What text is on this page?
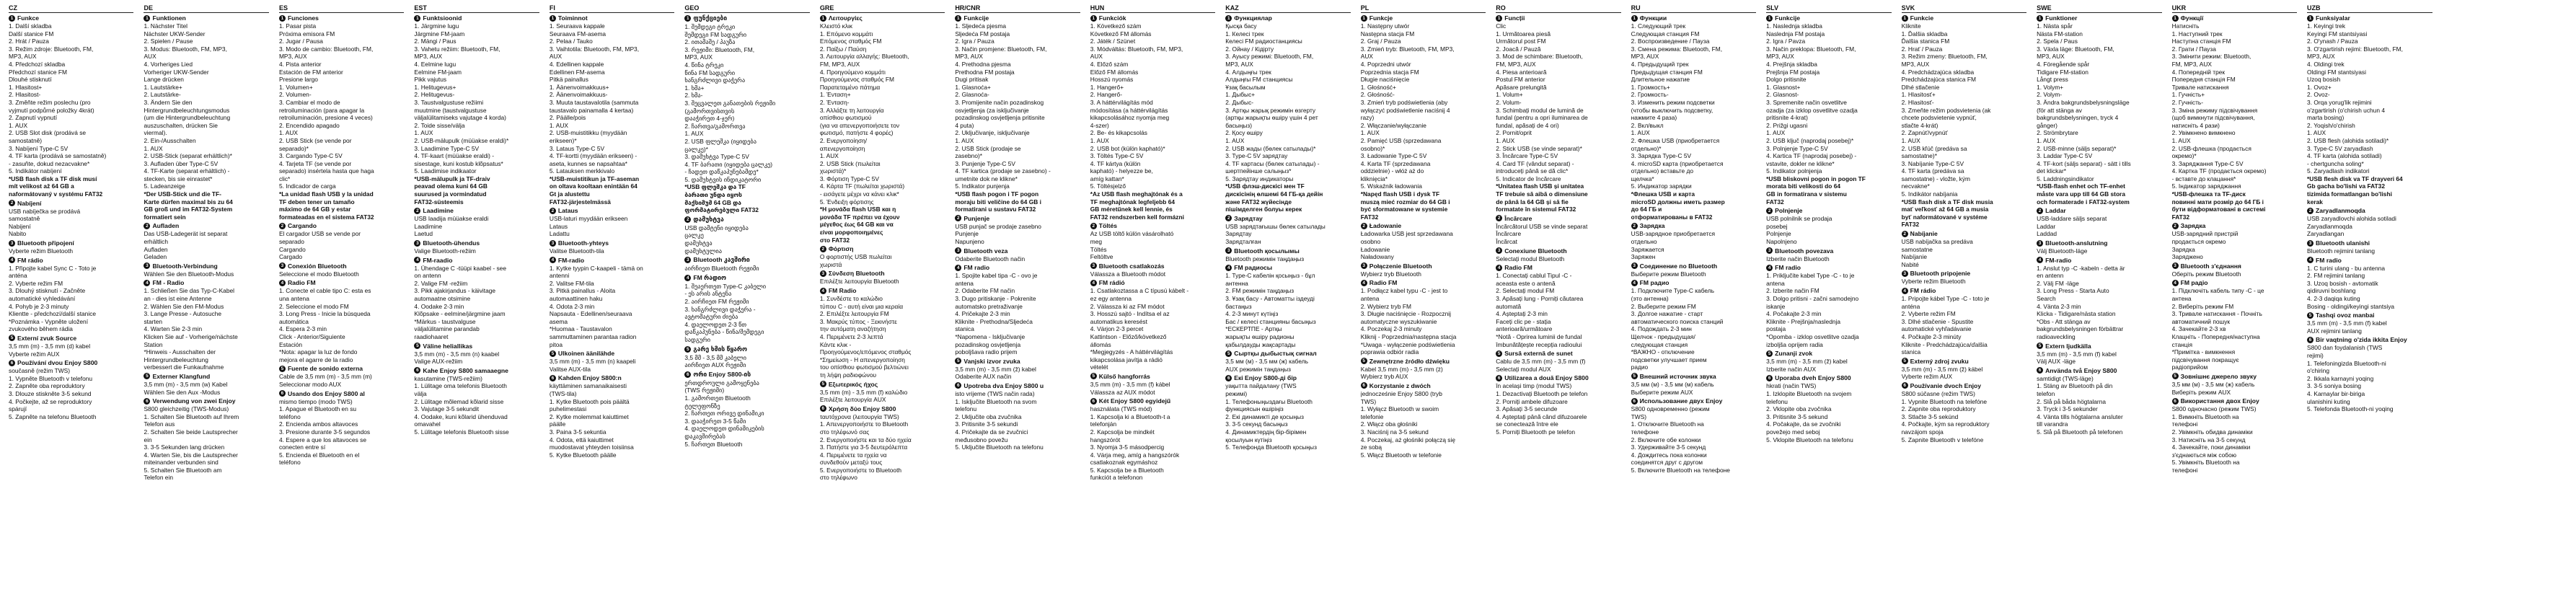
CZ
1 Funkce
1. Další skladba
Další stanice FM
2. Hrát / Pauza
3. Režim zdroje: Bluetooth, FM,
MP3, AUX
4. Předchozí skladba
Předchozí stanice FM
Dlouhé stisknutí
1. Hlasitost+
2. Hlasitost-
3. Změňte režim poslechu (pro
vyjmutí podpůrné položky 4krát)
2. Zapnutí vypnutí
1. AUX
2. USB Slot disk (prodává se
samostatně)
3. Nabíjení Type-C 5V
4. TF karta (prodává se samostatně)
- zasuňte, dokud nezacvakne*
5. Indikátor nabíjení
*USB flash disk a TF disk musí
mít velikost až 64 GB a
naformátovaný v systému FAT32
2 Nabíjení
USB nabíječka se prodává
samostatně
Nabijení
Nabito
3 Bluetooth připojení
Vyberte režim Bluetooth
4 FM rádio
1. Připojte kabel Sync C - Toto je
anténa
2. Vyberte režim FM
3. Dlouhý stisknutí - Začněte
automatické vyhledávání
4. Pohyb je 2-3 minuty
Klientte - předchozí/další stanice
*Poznámka - Vypněte uložení
zvukového během rádia
5 Externí zvuk Source
3,5 mm (m) - 3,5 mm (d) kabel
Vyberte režim AUX
6 Používání dvou Enjoy S800
současně (režim TWS)
1. Vypněte Bluetooth v telefonu
2. Zapněte oba reproduktory
3. Dlouze stiskněte 3-5 sekund
4. Počkejte, až se reproduktory
spárují
5. Zapněte na telefonu Bluetooth
DE
1 Funktionen
1. Nächster Titel
Nächster UKW-Sender
2. Spielen / Pause
3. Modus: Bluetooth, FM, MP3,
AUX
4. Vorheriges Lied
Vorheriger UKW-Sender
Lange drücken
1. Lautstärke+
2. Lautstärke-
3. Ändern Sie den
Hintergrundbeleuchtungsmodus
(um die Hintergrundbeleuchtung
auszuschalten, drücken Sie
viermal).
2. Ein-/Ausschalten
1. AUX
2. USB-Stick (separat erhältlich)*
3. Aufladen über Type-C 5V
4. TF-Karte (separat erhältlich) -
stecken, bis sie einrastet*
5. Ladeanzeige
*Der USB-Stick und die TF-
Karte dürfen maximal bis zu 64
GB groß und im FAT32-System
formatiert sein
2 Aufladen
Das USB-Ladegerät ist separat
erhältlich
Aufladen
Geladen
3 Bluetooth-Verbindung
Wählen Sie den Bluetooth-Modus
4 FM - Radio
1. Schließen Sie das Typ-C-Kabel
an - dies ist eine Antenne
2. Wählen Sie den FM-Modus
3. Lange Presse - Autosuche
starten
4. Warten Sie 2-3 min
Klicken Sie auf - Vorherige/nächste
Station
*Hinweis - Ausschalten der
Hintergrundbeleuchtung
verbessert die Funkaufnahme
5 Externer Klangfund
3,5 mm (m) - 3,5 mm (w) Kabel
Wählen Sie den Aux -Modus
6 Verwendung von zwei Enjoy
S800 gleichzeitig (TWS-Modus)
1. Schalten Sie Bluetooth auf Ihrem
Telefon aus
2. Schalten Sie beide Lautsprecher
ein
3. 3-5 Sekunden lang drücken
4. Warten Sie, bis die Lautsprecher
miteinander verbunden sind
5. Schalten Sie Bluetooth am
Telefon ein
ES
1 Funciones
1. Pasar pista
Próxima emisora FM
2. Jugar / Pausa
3. Modo de cambio: Bluetooth, FM,
MP3, AUX
4. Pista anterior
Estación de FM anterior
Presione largo
1. Volumen+
2. Volumen-
3. Cambiar el modo de
retroiluminación (para apagar la
retroiluminación, presione 4 veces)
2. Encendido apagado
1. AUX
2. USB Stick (se vende por
separado)*
3. Cargando Type-C 5V
4. Tarjeta TF (se vende por
separado) insértela hasta que haga
clic*
5. Indicador de carga
*La unidad flash USB y la unidad
TF deben tener un tamaño
máximo de 64 GB y estar
formateadas en el sistema FAT32
2 Cargando
El cargador USB se vende por
separado
Cargando
Cargado
3 Conexión Bluetooth
Seleccione el modo Bluetooth
4 Radio FM
1. Conecte el cable tipo C: esta es
una antena
2. Seleccione el modo FM
3. Long Press - Inicie la búsqueda
automática
4. Espera 2-3 min
Click - Anterior/Siguiente
Estación
*Nota: apagar la luz de fondo
mejora el agarre de la radio
5 Fuente de sonido externa
Cable de 3,5 mm (m) - 3,5 mm (m)
Seleccionar modo AUX
6 Usando dos Enjoy S800 al
mismo tiempo (modo TWS)
1. Apague el Bluetooth en su
teléfono
2. Encienda ambos altavoces
3. Presione durante 3-5 segundos
4. Espere a que los altavoces se
conecten entre sí
5. Encienda el Bluetooth en el
teléfono
EST
1 Funktsioonid
1. Järgmine lugu
Järgmine FM-jaam
2. Mängi / Paus
3. Vahetu režiim: Bluetooth, FM,
MP3, AUX
4. Eelmine lugu
Eelmine FM-jaam
Pikk vajutus
1. Helitugevus+
2. Helitugevus-
3. Taustvalgustuse režiimi
muutmine (taustvalgustuse
väljalülitamiseks vajutage 4 korda)
2. Toide sisse/välja
1. AUX
2. USB-mälupulk (müüakse eraldi)*
3. Laadimine Type-C 5V
4. TF-kaart (müüakse eraldi) -
sisestage, kuni kostub klõpsatus*
5. Laadimise indikaator
*USB-mälupulk ja TF-draiv
peavad olema kuni 64 GB
suurused ja vormindatud
FAT32-süsteemis
2 Laadimine
USB laadija müüakse eraldi
Laadimine
Laetud
3 Bluetooth-ühendus
Valige Bluetooth-režiim
4 FM-raadio
1. Ühendage C -tüüpi kaabel - see
on antenn
2. Valige FM -režiim
3. Pikk ajakirjandus - käivitage
automaatne otsimine
4. Oodake 2-3 min
Klõpsake - eelmine/järgmine jaam
*Märkus - taustvalguse
väljalülitamine parandab
raadiohaaret
5 Väline heliallikas
3,5 mm (m) - 3,5 mm (n) kaabel
Valige AUX-režiim
6 Kahe Enjoy S800 samaaegne
kasutamine (TWS-režiim)
1. Lülitage oma telefonis Bluetooth
välja
2. Lülitage mõlemad kõlarid sisse
3. Vajutage 3-5 sekundit
4. Oodake, kuni kõlarid ühenduvad
omavahel
5. Lülitage telefonis Bluetooth sisse
FI
1 Toiminnot
1. Seuraava kappale
Seuraava FM-asema
2. Pelaa / Tauko
3. Vaihtotila: Bluetooth, FM, MP3,
AUX
4. Edellinen kappale
Edellinen FM-asema
Pitkä painallus
1. Äänenvoimakkuus+
2. Äänenvoimakkuus-
3. Muuta taustavalotila (sammuta
taustavalo painamalla 4 kertaa)
2. Päälle/pois
1. AUX
2. USB-muistitikku (myydään
erikseen)*
3. Lataus Type-C 5V
4. TF-kortti (myydään erikseen) -
aseta, kunnes se napsahtaa*
5. Latauksen merkkivalo
*USB-muistitikun ja TF-aseman
on oltava kooltaan enintään 64
Gt ja alustettu
FAT32-järjestelmässä
2 Lataus
USB-laturi myydään erikseen
Lataus
Ladattu
3 Bluetooth-yhteys
Valitse Bluetooth-tila
4 FM-radio
1. Kytke tyypin C-kaapeli - tämä on
antenni
2. Valitse FM-tila
3. Pitkä painallus - Aloita
automaattinen haku
4. Odota 2-3 min
Napsauta - Edellinen/seuraava
asema
*Huomaa - Taustavalon
sammuttaminen parantaa radion
pitoa
5 Ulkoinen äänilähde
3,5 mm (m) - 3,5 mm (n) kaapeli
Valitse AUX-tila
6 Kahden Enjoy S800:n
käyttäminen samanaikaisesti
(TWS-tila)
1. Kytke Bluetooth pois päältä
puhelimestasi
2. Kytke molemmat kaiuttimet
päälle
3. Paina 3-5 sekuntia
4. Odota, että kaiuttimet
muodostavat yhteyden toisiinsa
5. Kytke Bluetooth päälle
GEO
1 ფუნქციები
1. შემდეგი ტრეკი
შემდეგი FM სადგური
2. ითამაშე / პაუზა
3. რეჟიმი: Bluetooth, FM,
MP3, AUX
4. წინა ტრეკი
წინა FM სადგური
ხანგრძლივი დაჭერა
1. ხმა+
2. ხმა-
3. შეცვალეთ განათების რეჟიმი
(გამორთვისთვის
დააჭირეთ 4-ჯერ)
2. ჩართვა/გამორთვა
1. AUX
2. USB ფლეშკა (იყიდება
ცალკე)*
3. დამუხტვა Type-C 5V
4. TF ბარათი (იყიდება ცალკე)
- ჩადეთ დაწკაპუნებამდე*
5. დამუხტვის ინდიკატორი
*USB ფლეშკა და TF
ბარათი უნდა იყოს
მაქსიმუმ 64 GB და
ფორმატირებული FAT32
2 დამუხტვა
USB დამტენი იყიდება
ცალკე
დამუხტვა
დამუხტულია
3 Bluetooth კავშირი
აირჩიეთ Bluetooth რეჟიმი
4 FM რადიო
1. შეაერთეთ Type-C კაბელი
- ეს არის ანტენა
2. აირჩიეთ FM რეჟიმი
3. ხანგრძლივი დაჭერა -
ავტომატური ძიება
4. დაელოდეთ 2-3 წთ
დაწკაპუნება - წინა/შემდეგი
სადგური
5 გარე ხმის წყარო
3,5 მმ - 3,5 მმ კაბელი
აირჩიეთ AUX რეჟიმი
6 ორი Enjoy S800-ის
ერთდროული გამოყენება
(TWS რეჟიმი)
1. გამორთეთ Bluetooth
ტელეფონზე
2. ჩართეთ ორივე დინამიკი
3. დააჭირეთ 3-5 წამი
4. დაელოდეთ დინამიკების
დაკავშირებას
5. ჩართეთ Bluetooth
GRE
1 Λειτουργίες
Κλειστό κλικ
1. Επόμενο κομμάτι
Επόμενος σταθμός FM
2. Παίξω / Παύση
3. Λειτουργία αλλαγής: Bluetooth,
FM, MP3, AUX
4. Προηγούμενο κομμάτι
Προηγούμενος σταθμός FM
Παρατεταμένο πάτημα
1. Ένταση+
2. Ένταση-
3. Αλλάξτε τη λειτουργία
οπίσθιου φωτισμού
(για να απενεργοποιήσετε τον
φωτισμό, πατήστε 4 φορές)
2. Ενεργοποίηση/
απενεργοποίηση
1. AUX
2. USB Stick (πωλείται
χωριστά)*
3. Φόρτιση Type-C 5V
4. Κάρτα TF (πωλείται χωριστά)
- εισάγετε μέχρι να κάνει κλικ*
5. Ένδειξη φόρτισης
*Η μονάδα flash USB και η
μονάδα TF πρέπει να έχουν
μέγεθος έως 64 GB και να
είναι μορφοποιημένες
στο FAT32
2 Φόρτιση
Ο φορτιστής USB πωλείται
χωριστά
3 Σύνδεση Bluetooth
Επιλέξτε λειτουργία Bluetooth
4 FM Radio
1. Συνδέστε το καλώδιο
τύπου C - αυτή είναι μια κεραία
2. Επιλέξτε λειτουργία FM
3. Μακρύς τύπος - Ξεκινήστε
την αυτόματη αναζήτηση
4. Περιμένετε 2-3 λεπτά
Κάντε κλικ -
Προηγούμενος/επόμενος σταθμός
*Σημείωση - Η απενεργοποίηση
του οπίσθιου φωτισμού βελτιώνει
τη λήψη ραδιοφώνου
5 Εξωτερικός ήχος
3,5 mm (m) - 3,5 mm (f) καλώδιο
Επιλέξτε λειτουργία AUX
6 Χρήση δύο Enjoy S800
ταυτόχρονα (λειτουργία TWS)
1. Απενεργοποιήστε το Bluetooth
στο τηλέφωνό σας
2. Ενεργοποιήστε και τα δύο ηχεία
3. Πατήστε για 3-5 δευτερόλεπτα
4. Περιμένετε τα ηχεία να
συνδεθούν μεταξύ τους
5. Ενεργοποιήστε το Bluetooth
στο τηλέφωνο
HR/CNR
1 Funkcije
1. Sljedeća pjesma
Sljedeća FM postaja
2. Igra / Pauza
3. Način promjene: Bluetooth, FM,
MP3, AUX
4. Prethodna pjesma
Prethodna FM postaja
Dugi pritisak
1. Glasnoća+
2. Glasnoća-
3. Promijenite način pozadinskog
osvjetljenja (za isključivanje
pozadinskog osvjetljenja pritisnite
4 puta)
2. Uključivanje, isključivanje
1. AUX
2. USB Stick (prodaje se
zasebno)*
3. Punjenje Type-C 5V
4. TF kartica (prodaje se zasebno) -
umetnite dok ne klikne*
5. Indikator punjenja
*USB flash pogon i TF pogon
moraju biti veličine do 64 GB i
formatirani u sustavu FAT32
2 Punjenje
USB punjač se prodaje zasebno
Punjenje
Napunjeno
3 Bluetooth veza
Odaberite Bluetooth način
4 FM radio
1. Spojite kabel tipa -C - ovo je
antena
2. Odaberite FM način
3. Dugo pritiskanje - Pokrenite
automatsko pretraživanje
4. Pričekajte 2-3 min
Kliknite - Prethodna/Sljedeća
stanica
*Napomena - Isključivanje
pozadinskog osvjetljenja
poboljšava radio prijem
5 Vanjski izvor zvuka
3,5 mm (m) - 3,5 mm (ž) kabel
Odaberite AUX način
6 Upotreba dva Enjoy S800 u
isto vrijeme (TWS način rada)
1. Isključite Bluetooth na svom
telefonu
2. Uključite oba zvučnika
3. Pritisnite 3-5 sekundi
4. Pričekajte da se zvučnici
međusobno povežu
5. Uključite Bluetooth na telefonu
HUN
1 Funkciók
1. Következő szám
Következő FM állomás
2. Játék / Szünet
3. Módváltás: Bluetooth, FM, MP3,
AUX
4. Előző szám
Előző FM állomás
Hosszú nyomás
1. Hangerő+
2. Hangerő-
3. A háttérvilágítás mód
módosítása (a háttérvilágítás
kikapcsolásához nyomja meg
4-szer)
2. Be- és kikapcsolás
1. AUX
2. USB bot (külön kapható)*
3. Töltés Type-C 5V
4. TF kártya (külön
kapható) - helyezze be,
amíg kattan*
5. Töltésjelző
*Az USB flash meghajtónak és a
TF meghajtónak legfeljebb 64
GB méretűnek kell lennie, és
FAT32 rendszerben kell formázni
2 Töltés
Az USB töltő külön vásárolható
meg
Töltés
Feltöltve
3 Bluetooth csatlakozás
Válassza a Bluetooth módot
4 FM rádió
1. Csatlakoztassa a C típusú kábelt -
ez egy antenna
2. Válassza ki az FM módot
3. Hosszú sajtó - Indítsa el az
automatikus keresést
4. Várjon 2-3 percet
Kattintson - Előző/következő
állomás
*Megjegyzés - A háttérvilágítás
kikapcsolása javítja a rádió
vételét
5 Külső hangforrás
3,5 mm (m) - 3,5 mm (f) kábel
Válassza az AUX módot
6 Két Enjoy S800 egyidejű
használata (TWS mód)
1. Kapcsolja ki a Bluetooth-t a
telefonján
2. Kapcsolja be mindkét
hangszórót
3. Nyomja 3-5 másodpercig
4. Várja meg, amíg a hangszórók
csatlakoznak egymáshoz
5. Kapcsolja be a Bluetooth
funkciót a telefonon
KAZ
1 Функциялар
Қысқа басу
1. Келесі трек
Келесі FM радиостанциясы
2. Ойнау / Кідірту
3. Ауысу режимі: Bluetooth, FM,
MP3, AUX
4. Алдыңғы трек
Алдыңғы FM станциясы
Ұзақ басылым
1. Дыбыс+
2. Дыбыс-
3. Артқы жарық режимін өзгерту
(артқы жарықты өшіру үшін 4 рет
басыңыз)
2. Қосу өшіру
1. AUX
2. USB жады (бөлек сатылады)*
3. Type-C 5V зарядтау
4. TF картасы (бөлек сатылады) -
шертпейінше салыңыз*
5. Зарядтау индикаторы
*USB флэш-дискісі мен TF
дискісінің өлшемі 64 ГБ-қа дейін
және FAT32 жүйесінде
пішімделген болуы керек
2 Зарядтау
USB зарядтағышы бөлек сатылады
Зарядтау
Зарядталған
3 Bluetooth қосылымы
Bluetooth режимін таңдаңыз
4 FM радиосы
1. Type-C кабелін қосыңыз - бұл
антенна
2. FM режимін таңдаңыз
3. Ұзақ басу - Автоматты іздеуді
бастаңыз
4. 2-3 минут күтіңіз
Бас / келесі станцияны басыңыз
*ЕСКЕРТПЕ - Артқы
жарықты өшіру радионы
қабылдауды жақсартады
5 Сыртқы дыбыстық сигнал
3,5 мм (м) - 3,5 мм (ж) кабель
AUX режимін таңдаңыз
6 Екі Enjoy S800-ді бір
уақытта пайдалану (TWS
режимі)
1. Телефоныңыздағы Bluetooth
функциясын өшіріңіз
2. Екі динамикті де қосыңыз
3. 3-5 секунд басыңыз
4. Динамиктердің бір-бірімен
қосылуын күтіңіз
5. Телефонда Bluetooth қосыңыз
PL
1 Funkcje
1. Następny utwór
Następna stacja FM
2. Graj / Pauza
3. Zmień tryb: Bluetooth, FM, MP3,
AUX
4. Poprzedni utwór
Poprzednia stacja FM
Długie naciśnięcie
1. Głośność+
2. Głośność-
3. Zmień tryb podświetlenia (aby
wyłączyć podświetlenie naciśnij 4
razy)
2. Włączanie/wyłączanie
1. AUX
2. Pamięć USB (sprzedawana
osobno)*
3. Ładowanie Type-C 5V
4. Karta TF (sprzedawana
oddzielnie) - włóż aż do
kliknięcia*
5. Wskaźnik ładowania
*Napęd flash USB i dysk TF
muszą mieć rozmiar do 64 GB i
być sformatowane w systemie
FAT32
2 Ładowanie
Ładowarka USB jest sprzedawana
osobno
Ładowanie
Naładowany
3 Połączenie Bluetooth
Wybierz tryb Bluetooth
4 Radio FM
1. Podłącz kabel typu -C - jest to
antena
2. Wybierz tryb FM
3. Długie naciśnięcie - Rozpocznij
automatyczne wyszukiwanie
4. Poczekaj 2-3 minuty
Kliknij - Poprzednia/następna stacja
*Uwaga - wyłączenie podświetlenia
poprawia odbiór radia
5 Zewnętrzne źródło dźwięku
Kabel 3,5 mm (m) - 3,5 mm (ż)
Wybierz tryb AUX
6 Korzystanie z dwóch
jednocześnie Enjoy S800 (tryb
TWS)
1. Wyłącz Bluetooth w swoim
telefonie
2. Włącz oba głośniki
3. Naciśnij na 3-5 sekund
4. Poczekaj, aż głośniki połączą się
ze sobą
5. Włącz Bluetooth w telefonie
RO
1 Funcții
Clic
1. Următoarea piesă
Următorul post FM
2. Joacă / Pauză
3. Mod de schimbare: Bluetooth,
FM, MP3, AUX
4. Piesa anterioară
Postul FM anterior
Apăsare prelungită
1. Volum+
2. Volum-
3. Schimbați modul de lumină de
fundal (pentru a opri iluminarea de
fundal, apăsați de 4 ori)
2. Pornit/oprit
1. AUX
2. Stick USB (se vinde separat)*
3. Încărcare Type-C 5V
4. Card TF (vândut separat) -
introduceți până se dă clic*
5. Indicator de încărcare
*Unitatea flash USB și unitatea
TF trebuie să aibă o dimensiune
de până la 64 GB și să fie
formatate în sistemul FAT32
2 Încărcare
Încărcătorul USB se vinde separat
Încărcare
Încărcat
3 Conexiune Bluetooth
Selectați modul Bluetooth
4 Radio FM
1. Conectați cablul Tipul -C -
aceasta este o antenă
2. Selectați modul FM
3. Apăsați lung - Porniți căutarea
automată
4. Așteptați 2-3 min
Faceți clic pe - stația
anterioară/următoare
*Notă - Oprirea luminii de fundal
îmbunătățește recepția radioului
5 Sursă externă de sunet
Cablu de 3,5 mm (m) - 3,5 mm (f)
Selectați modul AUX
6 Utilizarea a două Enjoy S800
în același timp (modul TWS)
1. Dezactivați Bluetooth pe telefon
2. Porniți ambele difuzoare
3. Apăsați 3-5 secunde
4. Așteptați până când difuzoarele
se conectează între ele
5. Porniți Bluetooth pe telefon
RU
1 Функции
1. Следующий трек
Следующая станция FM
2. Воспроизведение / Пауза
3. Смена режима: Bluetooth, FM,
MP3, AUX
4. Предыдущий трек
Предыдущая станция FM
Длительное нажатие
1. Громкость+
2. Громкость-
3. Изменить режим подсветки
(чтобы выключить подсветку,
нажмите 4 раза)
2. Вкл/выкл
1. AUX
2. Флешка USB (приобретается
отдельно)*
3. Зарядка Type-C 5V
4. microSD карта (приобретается
отдельно) вставьте до
щелчка*
5. Индикатор зарядки
*Флешка USB и карта
microSD должны иметь размер
до 64 ГБ и
отформатированы в FAT32
2 Зарядка
USB-зарядное приобретается
отдельно
Заряжается
Заряжен
3 Соединение по Bluetooth
Выберите режим Bluetooth
4 FM радио
1. Подключите Type-C кабель
(это антенна)
2. Выберите режим FM
3. Долгое нажатие - старт
автоматического поиска станций
4. Подождать 2-3 мин
Щелчок - предыдущая/
следующая станция
*ВАЖНО - отключение
подсветки улучшает прием
радио
5 Внешний источник звука
3,5 мм (м) - 3,5 мм (м) кабель
Выберите режим AUX
6 Использование двух Enjoy
S800 одновременно (режим
TWS)
1. Отключите Bluetooth на
телефоне
2. Включите обе колонки
3. Удерживайте 3-5 секунд
4. Дождитесь пока колонки
соединятся друг с другом
5. Включите Bluetooth на телефоне
SLV
1 Funkcije
1. Naslednja skladba
Naslednja FM postaja
2. Igra / Pavza
3. Način preklopa: Bluetooth, FM,
MP3, AUX
4. Prejšnja skladba
Prejšnja FM postaja
Dolgo pritisnite
1. Glasnost+
2. Glasnost-
3. Spremenite način osvetlitve
ozadja (za izklop osvetlitve ozadja
pritisnite 4-krat)
2. Prižgi ugasni
1. AUX
2. USB ključ (naprodaj posebej)*
3. Polnjenje Type-C 5V
4. Kartica TF (naprodaj posebej) -
vstavite, dokler ne klikne*
5. Indikator polnjenja
*USB bliskovni pogon in pogon TF
morata biti velikosti do 64
GB in formatirana v sistemu
FAT32
2 Polnjenje
USB polnilnik se prodaja
posebej
Polnjenje
Napolnjeno
3 Bluetooth povezava
Izberite način Bluetooth
4 FM radio
1. Priključite kabel Type -C - to je
antena
2. Izberite način FM
3. Dolgo pritisni - začni samodejno
iskanje
4. Počakajte 2-3 min
Kliknite - Prejšnja/naslednja
postaja
*Opomba - izklop osvetlitve ozadja
izboljša oprijem radia
5 Zunanji zvok
3,5 mm (m) - 3,5 mm (ž) kabel
Izberite način AUX
6 Uporaba dveh Enjoy S800
hkrati (način TWS)
1. Izklopite Bluetooth na svojem
telefonu
2. Vklopite oba zvočnika
3. Pritisnite 3-5 sekund
4. Počakajte, da se zvočniki
povežejo med seboj
5. Vklopite Bluetooth na telefonu
SVK
1 Funkcie
Kliknite
1. Ďalšia skladba
Ďalšia stanica FM
2. Hrať / Pauza
3. Režim zmeny: Bluetooth, FM,
MP3, AUX
4. Predchádzajúca skladba
Predchádzajúca stanica FM
Dlhé stlačenie
1. Hlasitosť+
2. Hlasitosť-
3. Zmeňte režim podsvietenia (ak
chcete podsvietenie vypnúť,
stlačte 4-krát)
2. Zapnúť/vypnúť
1. AUX
2. USB kľúč (predáva sa
samostatne)*
3. Nabíjanie Type-C 5V
4. TF karta (predáva sa
samostatne) - vložte, kým
necvakne*
5. Indikátor nabíjania
*USB flash disk a TF disk musia
mať veľkosť až 64 GB a musia
byť naformátované v systéme
FAT32
2 Nabíjanie
USB nabíjačka sa predáva
samostatne
Nabíjanie
Nabité
3 Bluetooth pripojenie
Vyberte režim Bluetooth
4 FM rádio
1. Pripojte kábel Type -C - toto je
anténa
2. Vyberte režim FM
3. Dlhé stlačenie - Spustite
automatické vyhľadávanie
4. Počkajte 2-3 minúty
Kliknite - Predchádzajúca/ďalšia
stanica
5 Externý zdroj zvuku
3,5 mm (m) - 3,5 mm (ž) kábel
Vyberte režim AUX
6 Používanie dvoch Enjoy
S800 súčasne (režim TWS)
1. Vypnite Bluetooth na telefóne
2. Zapnite oba reproduktory
3. Stlačte 3-5 sekúnd
4. Počkajte, kým sa reproduktory
navzájom spoja
5. Zapnite Bluetooth v telefóne
SWE
1 Funktioner
1. Nästa spår
Nästa FM-station
2. Spela / Paus
3. Växla läge: Bluetooth, FM,
MP3, AUX
4. Föregående spår
Tidigare FM-station
Långt press
1. Volym+
2. Volym-
3. Ändra bakgrundsbelysningsläge
(för att stänga av
bakgrundsbelysningen, tryck 4
gånger)
2. Strömbrytare
1. AUX
2. USB-minne (säljs separat)*
3. Laddar Type-C 5V
4. TF-kort (säljs separat) - sätt i tills
det klickar*
5. Laddningsindikator
*USB-flash enhet och TF-enhet
måste vara upp till 64 GB stora
och formaterade i FAT32-system
2 Laddar
USB-laddare säljs separat
Laddar
Laddad
3 Bluetooth-anslutning
Välj Bluetooth-läge
4 FM-radio
1. Anslut typ -C -kabeln - detta är
en antenn
2. Välj FM -läge
3. Long Press - Starta Auto
Search
4. Vänta 2-3 min
Klicka - Tidigare/nästa station
*Obs - Att stänga av
bakgrundsbelysningen förbättrar
radioaveckling
5 Extern ljudkälla
3,5 mm (m) - 3,5 mm (f) kabel
Välj AUX -läge
6 Använda två Enjoy S800
samtidigt (TWS-läge)
1. Stäng av Bluetooth på din
telefon
2. Slå på båda högtalarna
3. Tryck i 3-5 sekunder
4. Vänta tills högtalarna ansluter
till varandra
5. Slå på Bluetooth på telefonen
UKR
1 Функції
Натисніть
1. Наступний трек
Наступна станція FM
2. Грати / Пауза
3. Змінити режим: Bluetooth,
FM, MP3, AUX
4. Попередній трек
Попередня станція FM
Тривале натискання
1. Гучність+
2. Гучність-
3. Зміна режиму підсвічування
(щоб вимкнути підсвічування,
натисніть 4 рази)
2. Увімкнено вимкнено
1. AUX
2. USB-флешка (продається
окремо)*
3. Заряджання Type-C 5V
4. Картка TF (продається окремо)
- вставте до клацання*
5. Індикатор заряджання
*USB-флешка та TF-диск
повинні мати розмір до 64 ГБ і
бути відформатовані в системі
FAT32
2 Зарядка
USB-зарядний пристрій
продається окремо
Зарядка
Заряджено
3 Bluetooth з'єднання
Оберіть режим Bluetooth
4 FM радіо
1. Підключіть кабель типу -C - це
антена
2. Виберіть режим FM
3. Тривале натискання - Почніть
автоматичний пошук
4. Зачекайте 2-3 хв
Клацніть - Попередня/наступна
станція
*Примітка - вимкнення
підсвічування покращує
радіоприйом
5 Зовнішнє джерело звуку
3,5 мм (м) - 3,5 мм (ж) кабель
Виберіть режим AUX
6 Використання двох Enjoy
S800 одночасно (режим TWS)
1. Вимкніть Bluetooth на
телефоні
2. Увімкніть обидва динаміки
3. Натисніть на 3-5 секунд
4. Зачекайте, поки динаміки
з'єднаються між собою
5. Увімкніть Bluetooth на
телефоні
UZB
1 Funksiyalar
1. Keyingi trek
Keyingi FM stantsiyasi
2. O'ynash / Pauza
3. O'zgartirish rejimi: Bluetooth, FM,
MP3, AUX
4. Oldingi trek
Oldingi FM stantsiyasi
Uzoq bosish
1. Ovoz+
2. Ovoz-
3. Orqa yorug'lik rejimini
o'zgartirish (o'chirish uchun 4
marta bosing)
2. Yoqish/o'chirish
1. AUX
2. USB flesh (alohida sotiladi)*
3. Type-C 5V zaryadlash
4. TF karta (alohida sotiladi)
- chertguncha soling*
5. Zaryadlash indikatori
*USB flesh disk va TF drayveri 64
Gb gacha bo'lishi va FAT32
tizimida formatlangan bo'lishi
kerak
2 Zaryadlanmoqda
USB zaryadlovchi alohida sotiladi
Zaryadlanmoqda
Zaryadlangan
3 Bluetooth ulanishi
Bluetooth rejimini tanlang
4 FM radio
1. C turini ulang - bu antenna
2. FM rejimini tanlang
3. Uzoq bosish - avtomatik
qidiruvni boshlang
4. 2-3 daqiqa kuting
Bosing - oldingi/keyingi stantsiya
5 Tashqi ovoz manbai
3,5 mm (m) - 3,5 mm (f) kabel
AUX rejimini tanlang
6 Bir vaqtning o'zida ikkita Enjoy
S800 dan foydalanish (TWS
rejimi)
1. Telefoningizda Bluetooth-ni
o'chiring
2. Ikkala karnayni yoqing
3. 3-5 soniya bosing
4. Karnaylar bir-biriga
ulanishini kuting
5. Telefonda Bluetooth-ni yoqing
